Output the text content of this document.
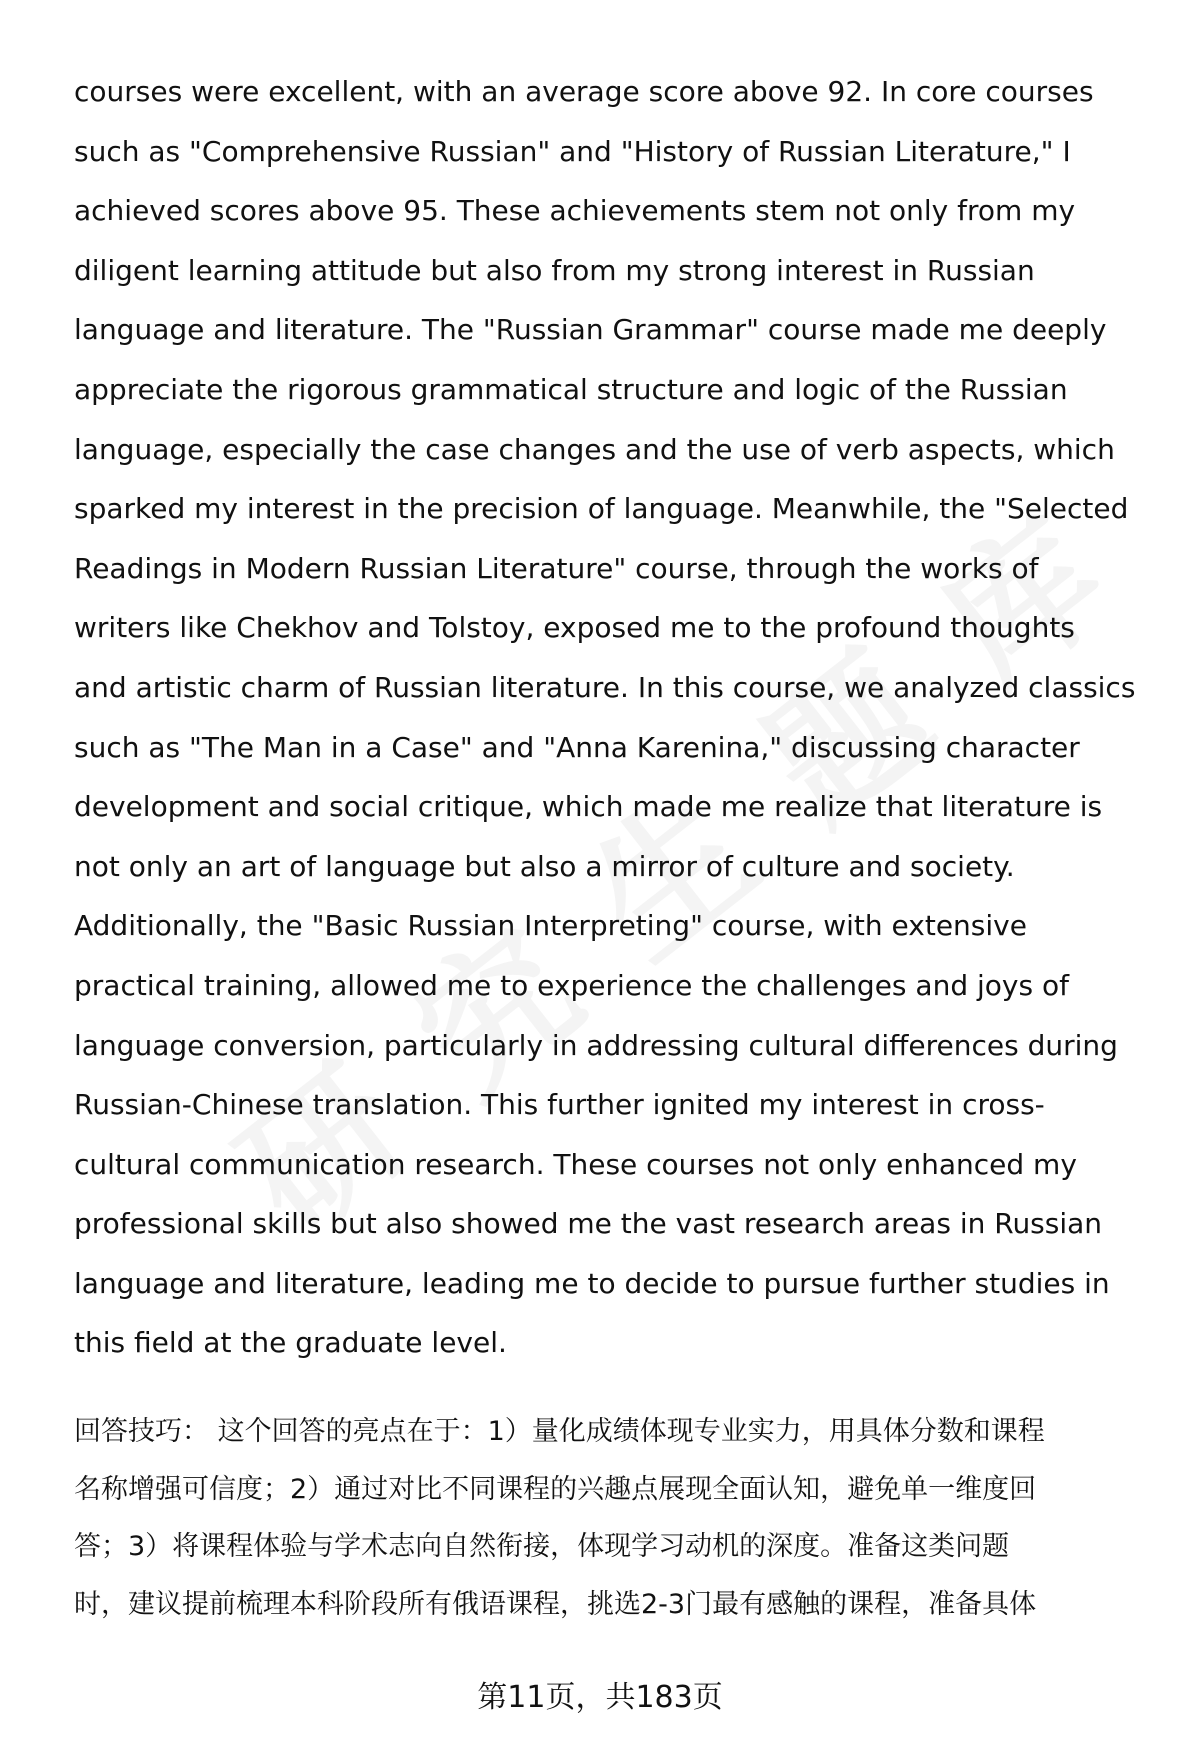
courses were excellent, with an average score above 92. In core courses
such as "Comprehensive Russian" and "History of Russian Literature," I
achieved scores above 95. These achievements stem not only from my
diligent learning attitude but also from my strong interest in Russian
language and literature. The "Russian Grammar" course made me deeply
appreciate the rigorous grammatical structure and logic of the Russian
language, especially the case changes and the use of verb aspects, which
sparked my interest in the precision of language. Meanwhile, the "Selected
Readings in Modern Russian Literature" course, through the works of
writers like Chekhov and Tolstoy, exposed me to the profound thoughts
and artistic charm of Russian literature. In this course, we analyzed classics
such as "The Man in a Case" and "Anna Karenina," discussing character
development and social critique, which made me realize that literature is
not only an art of language but also a mirror of culture and society.
Additionally, the "Basic Russian Interpreting" course, with extensive
practical training, allowed me to experience the challenges and joys of
language conversion, particularly in addressing cultural differences during
Russian-Chinese translation. This further ignited my interest in cross-
cultural communication research. These courses not only enhanced my
professional skills but also showed me the vast research areas in Russian
language and literature, leading me to decide to pursue further studies in
this field at the graduate level.
回答技巧： 这个回答的亮点在于：1）量化成绩体现专业实力，用具体分数和课程
名称增强可信度；2）通过对比不同课程的兴趣点展现全面认知，避免单一维度回
答；3）将课程体验与学术志向自然衔接，体现学习动机的深度。准备这类问题
时，建议提前梳理本科阶段所有俄语课程，挑选2-3门最有感触的课程，准备具体
第11页，共183页
